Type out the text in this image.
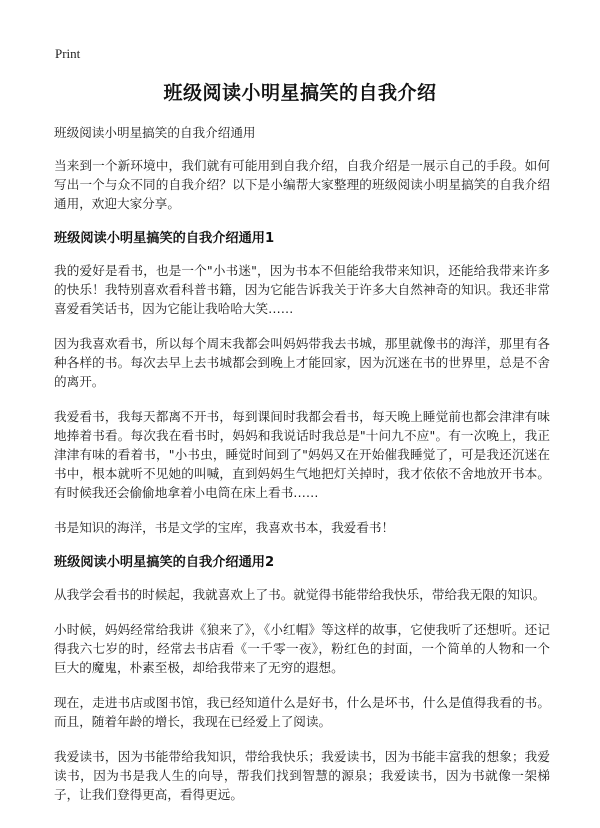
Print
班级阅读小明星搞笑的自我介绍

班级阅读小明星搞笑的自我介绍通用

当来到一个新环境中，我们就有可能用到自我介绍，自我介绍是一展示自己的手段。如何写出一个与众不同的自我介绍？以下是小编帮大家整理的班级阅读小明星搞笑的自我介绍通用，欢迎大家分享。

班级阅读小明星搞笑的自我介绍通用1

我的爱好是看书，也是一个"小书迷"，因为书本不但能给我带来知识，还能给我带来许多的快乐！我特别喜欢看科普书籍，因为它能告诉我关于许多大自然神奇的知识。我还非常喜爱看笑话书，因为它能让我哈哈大笑……

因为我喜欢看书，所以每个周末我都会叫妈妈带我去书城，那里就像书的海洋，那里有各种各样的书。每次去早上去书城都会到晚上才能回家，因为沉迷在书的世界里，总是不舍的离开。

我爱看书，我每天都离不开书，每到课间时我都会看书，每天晚上睡觉前也都会津津有味地捧着书看。每次我在看书时，妈妈和我说话时我总是"十问九不应"。有一次晚上，我正津津有味的看着书，"小书虫，睡觉时间到了"妈妈又在开始催我睡觉了，可是我还沉迷在书中，根本就听不见她的叫喊，直到妈妈生气地把灯关掉时，我才依依不舍地放开书本。有时候我还会偷偷地拿着小电筒在床上看书……

书是知识的海洋，书是文学的宝库，我喜欢书本，我爱看书！

班级阅读小明星搞笑的自我介绍通用2

从我学会看书的时候起，我就喜欢上了书。就觉得书能带给我快乐，带给我无限的知识。

小时候，妈妈经常给我讲《狼来了》，《小红帽》等这样的故事，它使我听了还想听。还记得我六七岁的时，经常去书店看《一千零一夜》，粉红色的封面，一个简单的人物和一个巨大的魔鬼，朴素至极，却给我带来了无穷的遐想。

现在，走进书店或图书馆，我已经知道什么是好书，什么是坏书，什么是值得我看的书。而且，随着年龄的增长，我现在已经爱上了阅读。

我爱读书，因为书能带给我知识，带给我快乐；我爱读书，因为书能丰富我的想象；我爱读书，因为书是我人生的向导，帮我们找到智慧的源泉；我爱读书，因为书就像一架梯子，让我们登得更高，看得更远。
